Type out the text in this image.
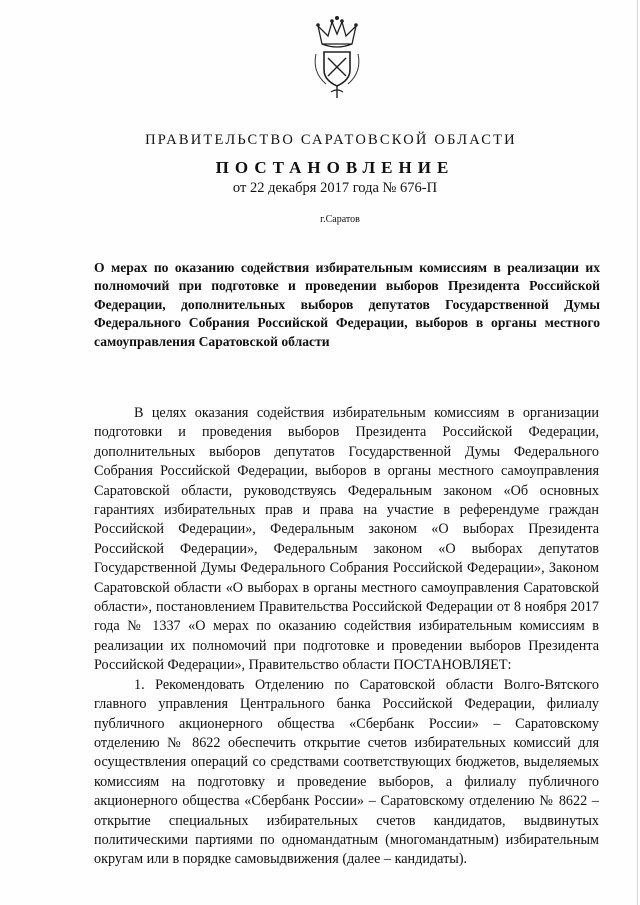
ПРАВИТЕЛЬСТВО САРАТОВСКОЙ ОБЛАСТИ
ПОСТАНОВЛЕНИЕ
от 22 декабря 2017 года № 676-П
г.Саратов
О мерах по оказанию содействия избирательным комиссиям в реализации их полномочий при подготовке и проведении выборов Президента Российской Федерации, дополнительных выборов депутатов Государственной Думы Федерального Собрания Российской Федерации, выборов в органы местного самоуправления Саратовской области

В целях оказания содействия избирательным комиссиям в организации подготовки и проведения выборов Президента Российской Федерации, дополнительных выборов депутатов Государственной Думы Федерального Собрания Российской Федерации, выборов в органы местного самоуправления Саратовской области, руководствуясь Федеральным законом «Об основных гарантиях избирательных прав и права на участие в референдуме граждан Российской Федерации», Федеральным законом «О выборах Президента Российской Федерации», Федеральным законом «О выборах депутатов Государственной Думы Федерального Собрания Российской Федерации», Законом Саратовской области «О выборах в органы местного самоуправления Саратовской области», постановлением Правительства Российской Федерации от 8 ноября 2017 года № 1337 «О мерах по оказанию содействия избирательным комиссиям в реализации их полномочий при подготовке и проведении выборов Президента Российской Федерации», Правительство области ПОСТАНОВЛЯЕТ:

1. Рекомендовать Отделению по Саратовской области Волго-Вятского главного управления Центрального банка Российской Федерации, филиалу публичного акционерного общества «Сбербанк России» – Саратовскому отделению № 8622 обеспечить открытие счетов избирательных комиссий для осуществления операций со средствами соответствующих бюджетов, выделяемых комиссиям на подготовку и проведение выборов, а филиалу публичного акционерного общества «Сбербанк России» – Саратовскому отделению № 8622 – открытие специальных избирательных счетов кандидатов, выдвинутых политическими партиями по одномандатным (многомандатным) избирательным округам или в порядке самовыдвижения (далее – кандидаты).
